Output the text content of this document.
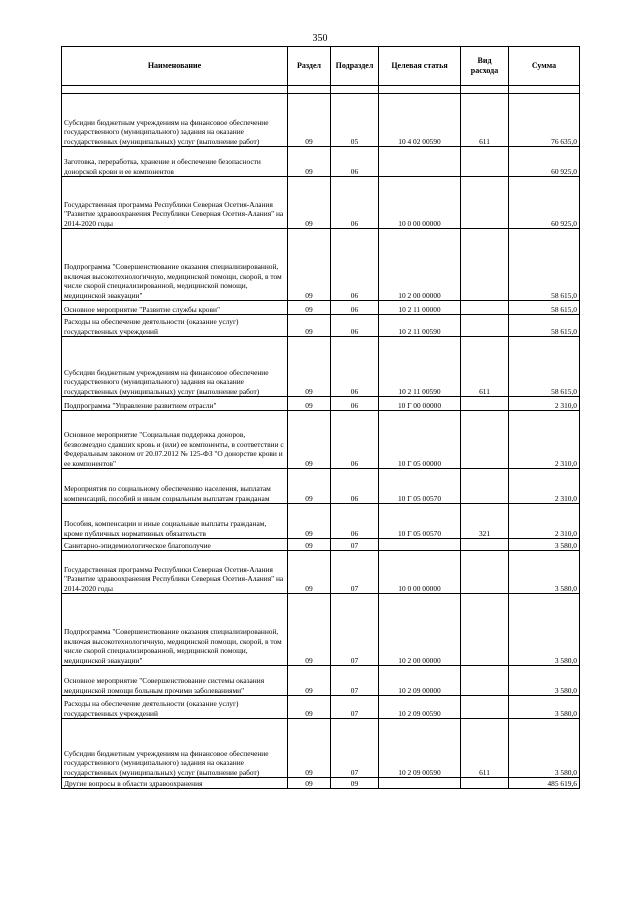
350
Наименование	Раздел	Подраздел	Целевая статья	Вид расхода	Сумма

Субсидии бюджетным учреждениям на финансовое обеспечение государственного (муниципального) задания на оказание государственных (муниципальных) услуг (выполнение работ)	09	05	10 4 02 00590	611	76 635,0
Заготовка, переработка, хранение и обеспечение безопасности донорской крови и ее компонентов	09	06			60 925,0
Государственная программа Республики Северная Осетия-Алания "Развитие здравоохранения Республики Северная Осетия-Алания" на 2014-2020 годы	09	06	10 0 00 00000		60 925,0
Подпрограмма "Совершенствование оказания специализированной, включая высокотехнологичную, медицинской помощи, скорой, в том числе скорой специализированной, медицинской помощи, медицинской эвакуации"	09	06	10 2 00 00000		58 615,0
Основное мероприятие "Развитие службы крови"	09	06	10 2 11 00000		58 615,0
Расходы на обеспечение деятельности (оказание услуг) государственных учреждений	09	06	10 2 11 00590		58 615,0
Субсидии бюджетным учреждениям на финансовое обеспечение государственного (муниципального) задания на оказание государственных (муниципальных) услуг (выполнение работ)	09	06	10 2 11 00590	611	58 615,0
Подпрограмма "Управление развитием отрасли"	09	06	10 Г 00 00000		2 310,0
Основное мероприятие "Социальная поддержка доноров, безвозмездно сдавших кровь и (или) ее компоненты, в соответствии с Федеральным законом от 20.07.2012 № 125-ФЗ "О донорстве крови и ее компонентов"	09	06	10 Г 05 00000		2 310,0
Мероприятия по социальному обеспечению населения, выплатам компенсаций, пособий и иным социальным выплатам гражданам	09	06	10 Г 05 00570		2 310,0
Пособия, компенсации и иные социальные выплаты гражданам, кроме публичных нормативных обязательств	09	06	10 Г 05 00570	321	2 310,0
Санитарно-эпидемиологическое благополучие	09	07			3 580,0
Государственная программа Республики Северная Осетия-Алания "Развитие здравоохранения Республики Северная Осетия-Алания" на 2014-2020 годы	09	07	10 0 00 00000		3 580,0
Подпрограмма "Совершенствование оказания специализированной, включая высокотехнологичную, медицинской помощи, скорой, в том числе скорой специализированной, медицинской помощи, медицинской эвакуации"	09	07	10 2 00 00000		3 580,0
Основное мероприятие "Совершенствование системы оказания медицинской помощи больным прочими заболеваниями"	09	07	10 2 09 00000		3 580,0
Расходы на обеспечение деятельности (оказание услуг) государственных учреждений	09	07	10 2 09 00590		3 580,0
Субсидии бюджетным учреждениям на финансовое обеспечение государственного (муниципального) задания на оказание государственных (муниципальных) услуг (выполнение работ)	09	07	10 2 09 00590	611	3 580,0
Другие вопросы в области здравоохранения	09	09			485 619,6
